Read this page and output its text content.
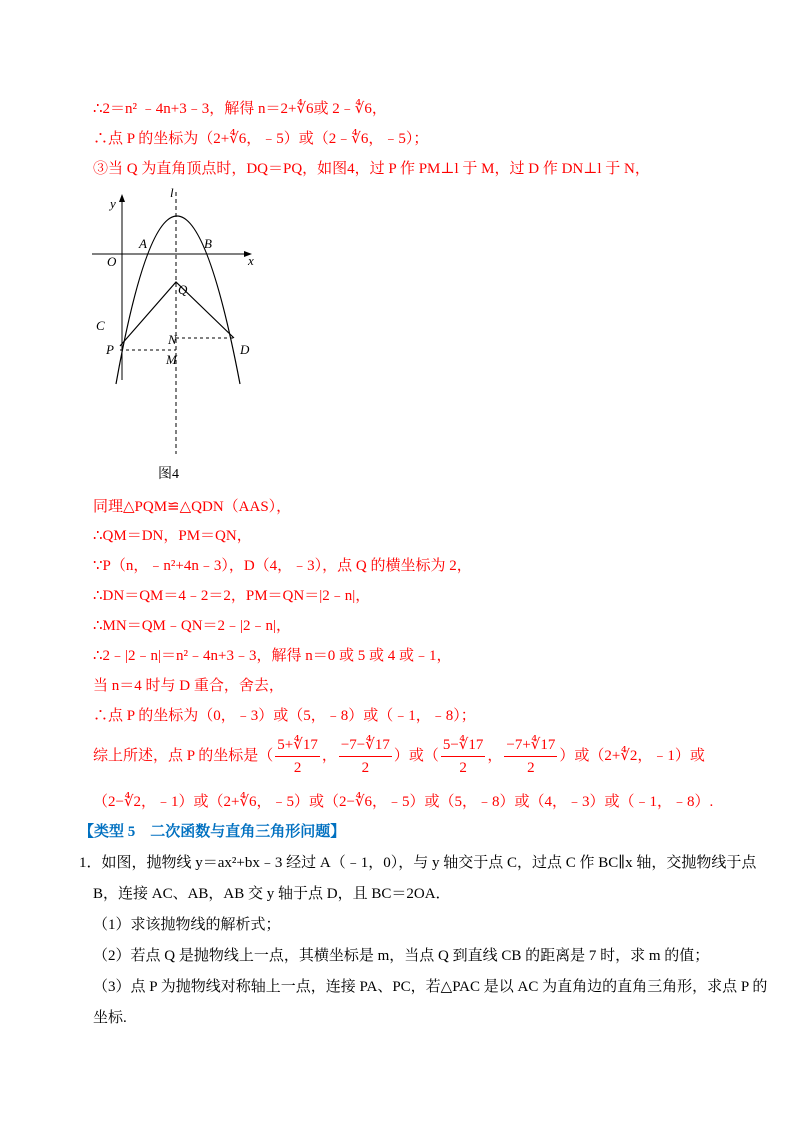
∴2＝n² ﹣4n+3﹣3，解得 n＝2+∜6或 2﹣∜6，
∴点 P 的坐标为（2+∜6，﹣5）或（2﹣∜6，﹣5）；
③当 Q 为直角顶点时，DQ＝PQ，如图4，过 P 作 PM⊥l 于 M，过 D 作 DN⊥l 于 N，
y
l
A	B
O	x
Q
C
P
N
M
D
图4
同理△PQM≌△QDN（AAS），
∴QM＝DN，PM＝QN，
∵P（n，﹣n²+4n﹣3），D（4，﹣3），点 Q 的横坐标为 2，
∴DN＝QM＝4﹣2＝2，PM＝QN＝|2﹣n|，
∴MN＝QM﹣QN＝2﹣|2﹣n|，
∴2﹣|2﹣n|＝n²﹣4n+3﹣3，解得 n＝0 或 5 或 4 或﹣1，
当 n＝4 时与 D 重合，舍去，
∴点 P 的坐标为（0，﹣3）或（5，﹣8）或（﹣1，﹣8）；
综上所述，点 P 的坐标是（ $\frac{5+∜17}{2}$ ， $\frac{-7-∜17}{2}$ ）或（ $\frac{5-∜17}{2}$ ， $\frac{-7+∜17}{2}$ ）或（2+∜2，﹣1）或
（2−∜2，﹣1）或（2+∜6，﹣5）或（2−∜6，﹣5）或（5，﹣8）或（4，﹣3）或（﹣1，﹣8）.
【类型 5　二次函数与直角三角形问题】
1．如图，抛物线 y＝ax²+bx﹣3 经过 A（﹣1，0），与 y 轴交于点 C，过点 C 作 BC∥x 轴，交抛物线于点
B，连接 AC、AB，AB 交 y 轴于点 D，且 BC＝2OA．
（1）求该抛物线的解析式；
（2）若点 Q 是抛物线上一点，其横坐标是 m，当点 Q 到直线 CB 的距离是 7 时，求 m 的值；
（3）点 P 为抛物线对称轴上一点，连接 PA、PC，若△PAC 是以 AC 为直角边的直角三角形，求点 P 的
坐标.
